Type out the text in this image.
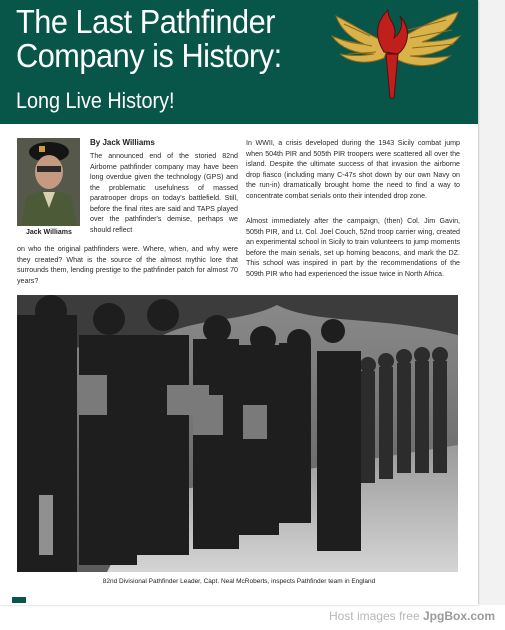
The Last Pathfinder
Company is History:
Long Live History!
Jack Williams
By Jack Williams

The announced end of the storied 82nd Airborne pathfinder company may have been long overdue given the technology (GPS) and the problematic usefulness of massed paratrooper drops on today's battlefield. Still, before the final rites are said and TAPS played over the pathfinder's demise, perhaps we should reflect

on who the original pathfinders were. Where, when, and why were they created? What is the source of the almost mythic lore that surrounds them, lending prestige to the pathfinder patch for almost 70 years?

In WWII, a crisis developed during the 1943 Sicily combat jump when 504th PIR and 505th PIR troopers were scattered all over the island. Despite the ultimate success of that invasion the airborne drop fiasco (including many C-47s shot down by our own Navy on the run-in) dramatically brought home the need to find a way to concentrate combat serials onto their intended drop zone.

Almost immediately after the campaign, (then) Col. Jim Gavin, 505th PIR, and Lt. Col. Joel Couch, 52nd troop carrier wing, created an experimental school in Sicily to train volunteers to jump moments before the main serials, set up homing beacons, and mark the DZ. This school was inspired in part by the recommendations of the 509th PIR who had experienced the issue twice in North Africa.

82nd Divisional Pathfinder Leader, Capt. Neal McRoberts, inspects Pathfinder team in England
Host images free JpgBox.com
